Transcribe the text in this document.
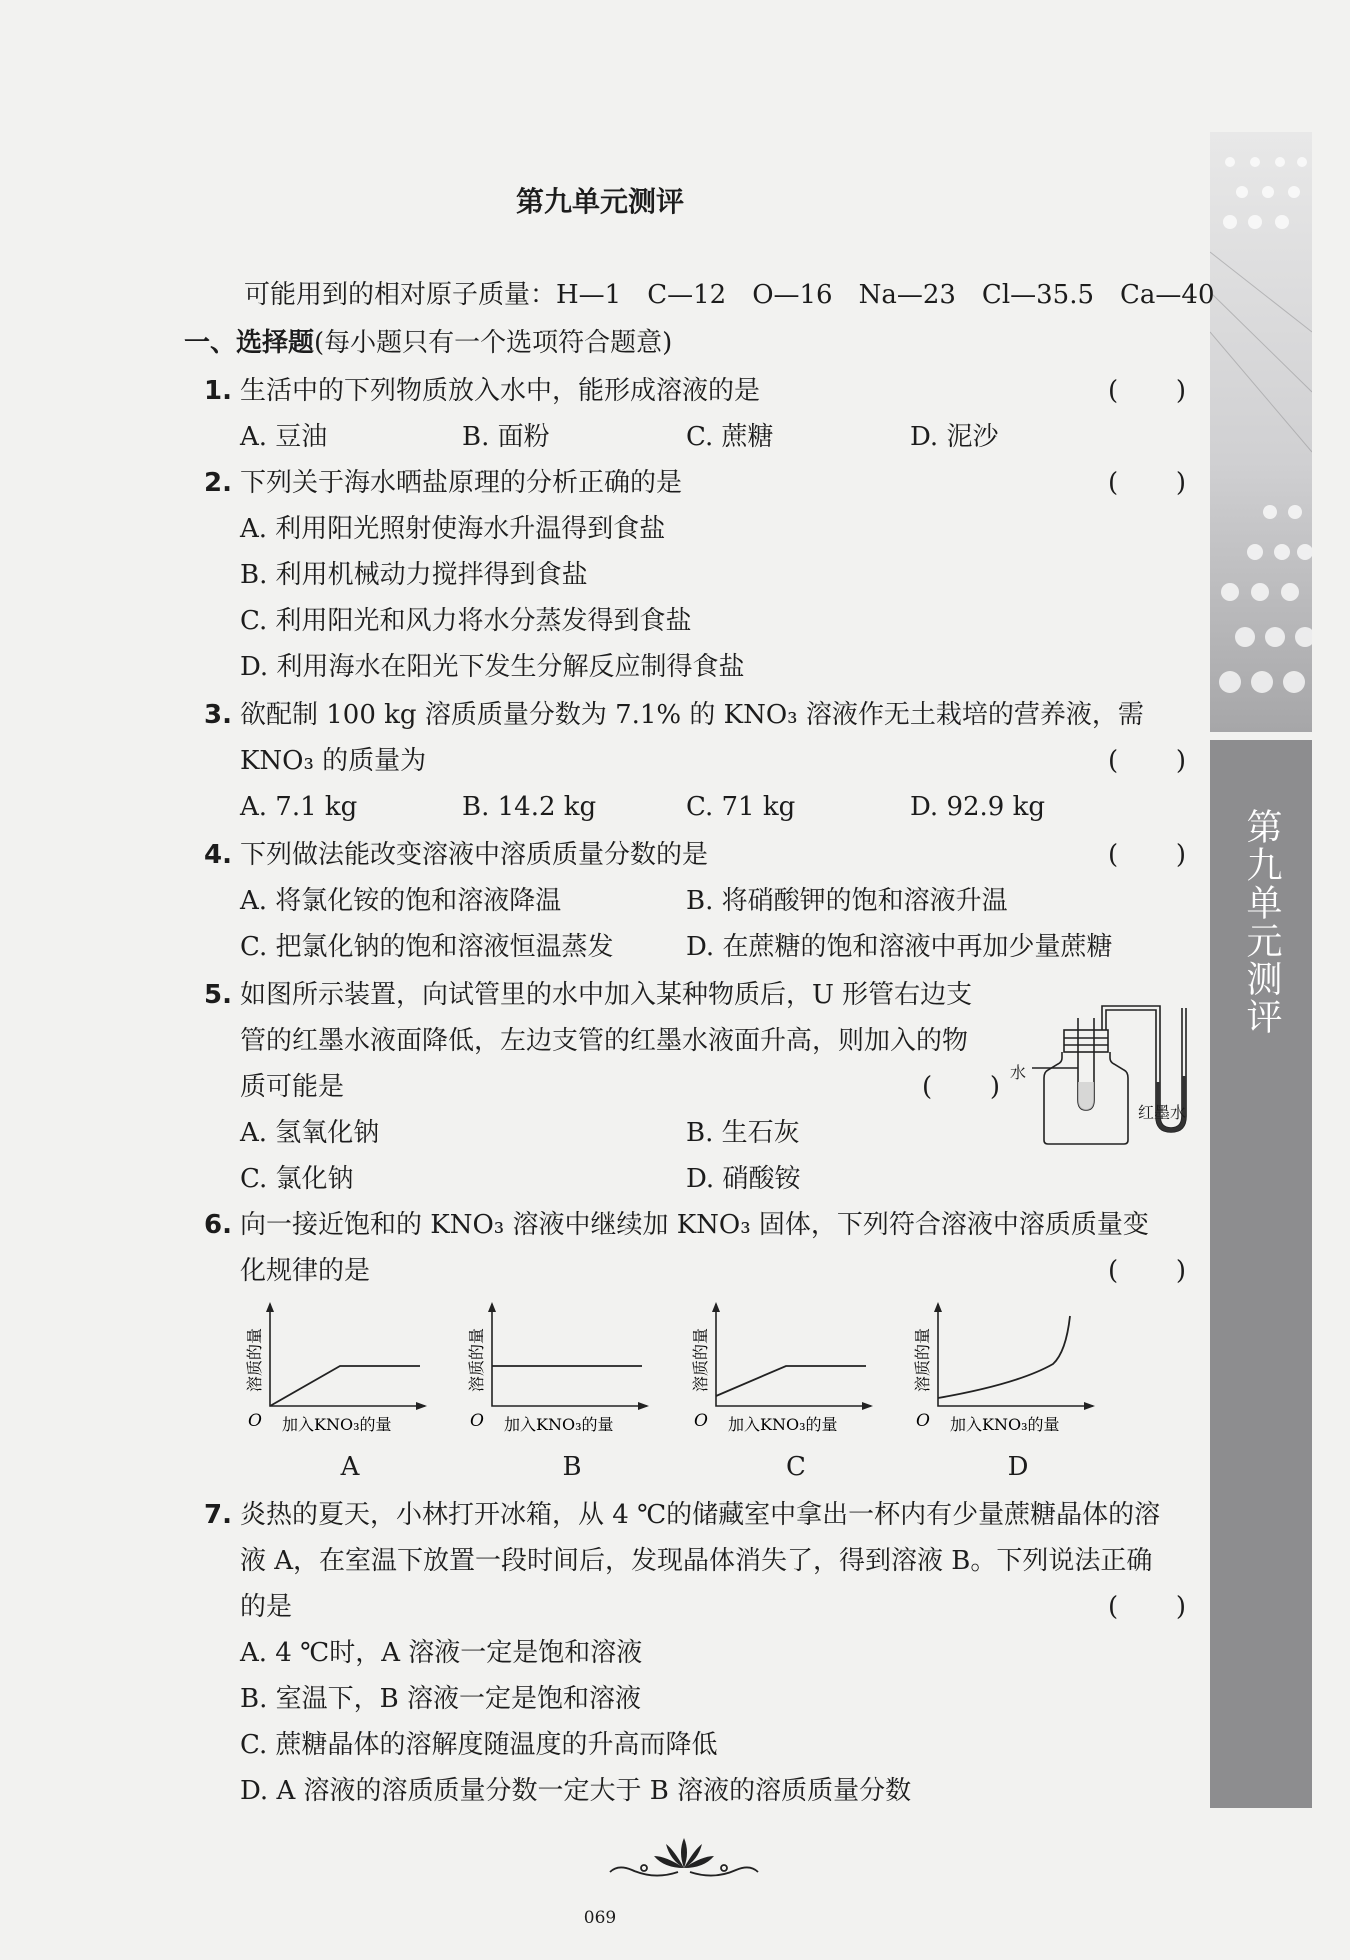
第九单元测评
第九单元测评
可能用到的相对原子质量：H—1　C—12　O—16　Na—23　Cl—35.5　Ca—40
一、选择题(每小题只有一个选项符合题意)
1. 生活中的下列物质放入水中，能形成溶液的是	( )
A. 豆油	B. 面粉	C. 蔗糖	D. 泥沙
2. 下列关于海水晒盐原理的分析正确的是	( )
A. 利用阳光照射使海水升温得到食盐
B. 利用机械动力搅拌得到食盐
C. 利用阳光和风力将水分蒸发得到食盐
D. 利用海水在阳光下发生分解反应制得食盐
3. 欲配制 100 kg 溶质质量分数为 7.1% 的 KNO₃ 溶液作无土栽培的营养液，需
KNO₃ 的质量为	( )
A. 7.1 kg	B. 14.2 kg	C. 71 kg	D. 92.9 kg
4. 下列做法能改变溶液中溶质质量分数的是	( )
A. 将氯化铵的饱和溶液降温	B. 将硝酸钾的饱和溶液升温
C. 把氯化钠的饱和溶液恒温蒸发	D. 在蔗糖的饱和溶液中再加少量蔗糖
5. 如图所示装置，向试管里的水中加入某种物质后，U 形管右边支
管的红墨水液面降低，左边支管的红墨水液面升高，则加入的物
质可能是	( )
A. 氢氧化钠	B. 生石灰
C. 氯化钠	D. 硝酸铵
水
红墨水
6. 向一接近饱和的 KNO₃ 溶液中继续加 KNO₃ 固体，下列符合溶液中溶质质量变
化规律的是	( )
溶质的量
O 加入KNO₃的量
A
溶质的量
O 加入KNO₃的量
B
溶质的量
O 加入KNO₃的量
C
溶质的量
O 加入KNO₃的量
D
7. 炎热的夏天，小林打开冰箱，从 4 ℃的储藏室中拿出一杯内有少量蔗糖晶体的溶
液 A，在室温下放置一段时间后，发现晶体消失了，得到溶液 B。下列说法正确
的是	( )
A. 4 ℃时，A 溶液一定是饱和溶液
B. 室温下，B 溶液一定是饱和溶液
C. 蔗糖晶体的溶解度随温度的升高而降低
D. A 溶液的溶质质量分数一定大于 B 溶液的溶质质量分数
069
